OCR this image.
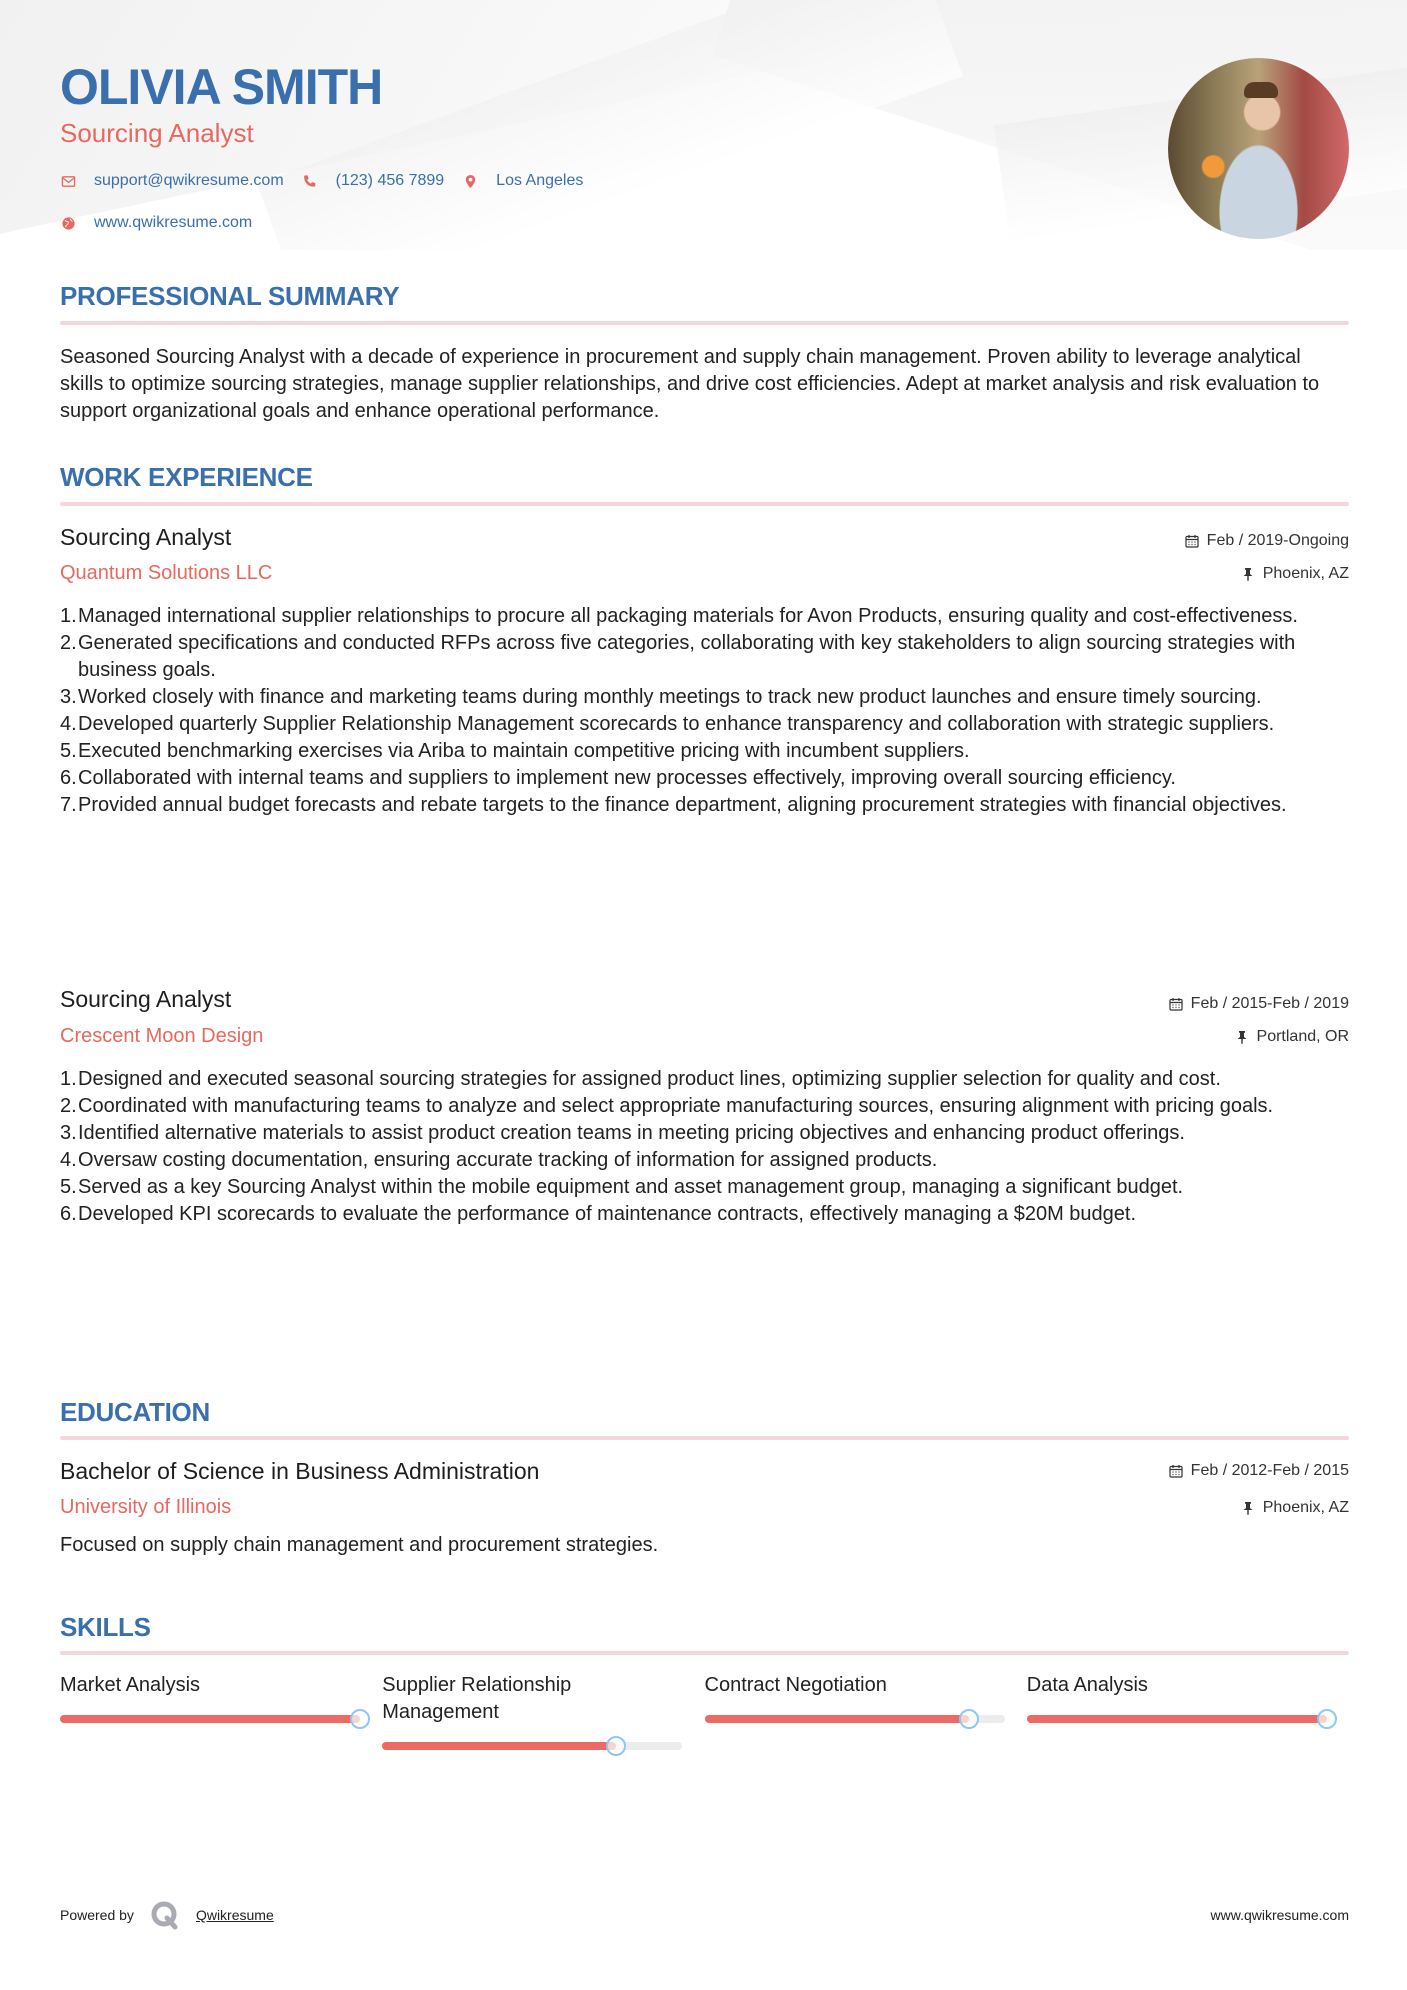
OLIVIA SMITH
Sourcing Analyst
support@qwikresume.com	(123) 456 7899	Los Angeles
www.qwikresume.com
PROFESSIONAL SUMMARY
Seasoned Sourcing Analyst with a decade of experience in procurement and supply chain management. Proven ability to leverage analytical skills to optimize sourcing strategies, manage supplier relationships, and drive cost efficiencies. Adept at market analysis and risk evaluation to support organizational goals and enhance operational performance.
WORK EXPERIENCE
Sourcing Analyst	Feb / 2019-Ongoing
Quantum Solutions LLC	Phoenix, AZ
1. Managed international supplier relationships to procure all packaging materials for Avon Products, ensuring quality and cost-effectiveness.
2. Generated specifications and conducted RFPs across five categories, collaborating with key stakeholders to align sourcing strategies with business goals.
3. Worked closely with finance and marketing teams during monthly meetings to track new product launches and ensure timely sourcing.
4. Developed quarterly Supplier Relationship Management scorecards to enhance transparency and collaboration with strategic suppliers.
5. Executed benchmarking exercises via Ariba to maintain competitive pricing with incumbent suppliers.
6. Collaborated with internal teams and suppliers to implement new processes effectively, improving overall sourcing efficiency.
7. Provided annual budget forecasts and rebate targets to the finance department, aligning procurement strategies with financial objectives.
Sourcing Analyst	Feb / 2015-Feb / 2019
Crescent Moon Design	Portland, OR
1. Designed and executed seasonal sourcing strategies for assigned product lines, optimizing supplier selection for quality and cost.
2. Coordinated with manufacturing teams to analyze and select appropriate manufacturing sources, ensuring alignment with pricing goals.
3. Identified alternative materials to assist product creation teams in meeting pricing objectives and enhancing product offerings.
4. Oversaw costing documentation, ensuring accurate tracking of information for assigned products.
5. Served as a key Sourcing Analyst within the mobile equipment and asset management group, managing a significant budget.
6. Developed KPI scorecards to evaluate the performance of maintenance contracts, effectively managing a $20M budget.
EDUCATION
Bachelor of Science in Business Administration	Feb / 2012-Feb / 2015
University of Illinois	Phoenix, AZ
Focused on supply chain management and procurement strategies.
SKILLS
Market Analysis	Supplier Relationship Management
Contract Negotiation	Data Analysis
Powered by	Qwikresume	www.qwikresume.com
